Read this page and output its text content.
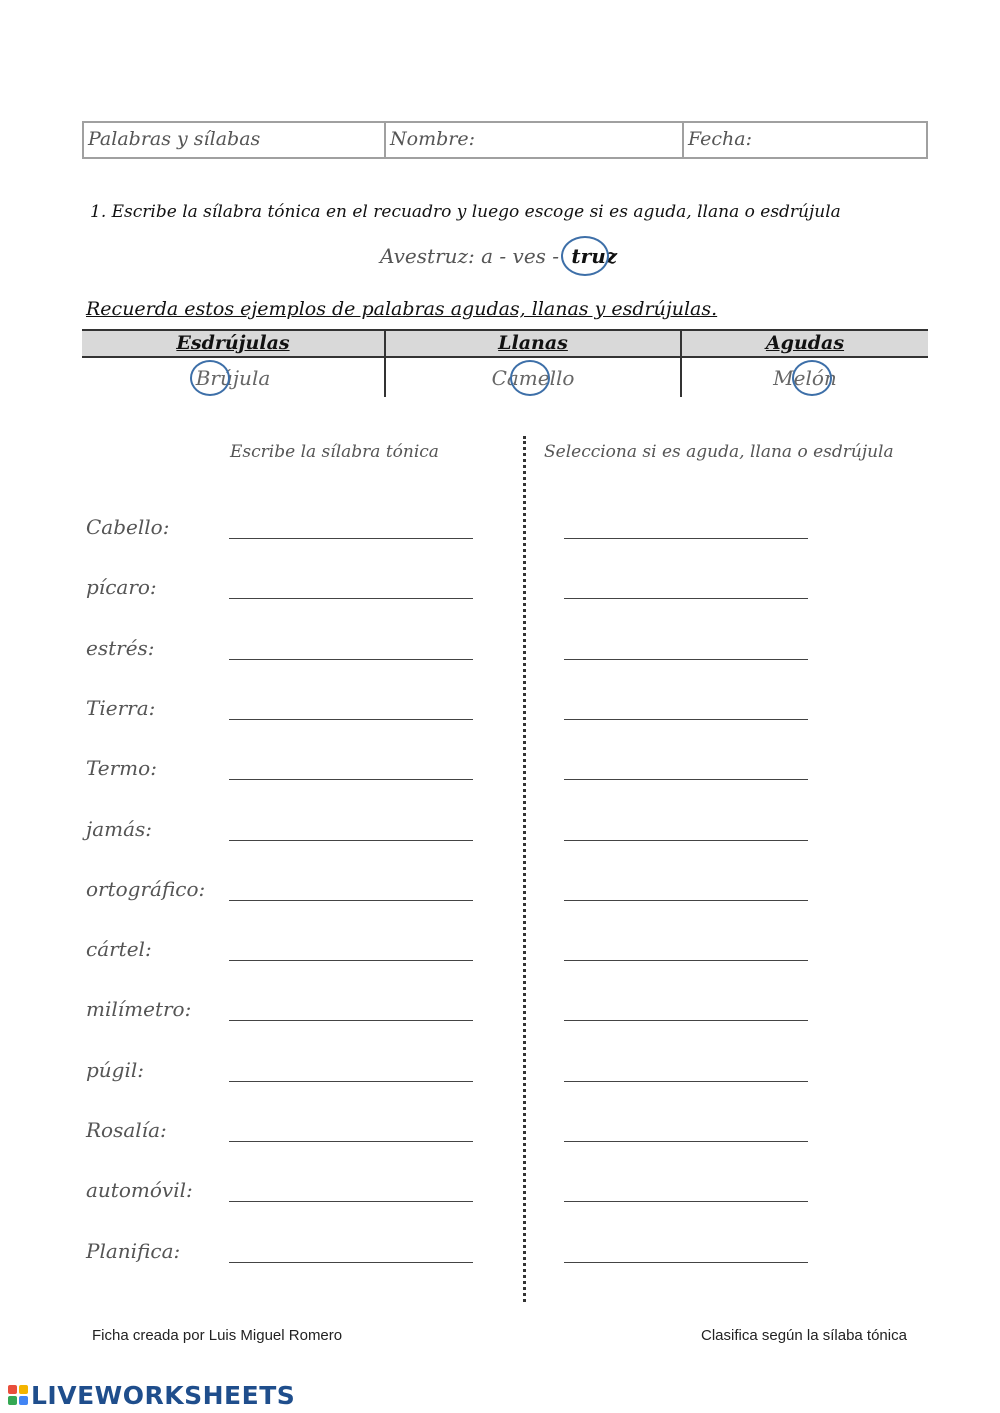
Palabras y sílabas	Nombre:	Fecha:
1. Escribe la sílabra tónica en el recuadro y luego escoge si es aguda, llana o esdrújula
Avestruz: a - ves -
truz
Recuerda estos ejemplos de palabras agudas, llanas y esdrújulas.
Esdrújulas	Llanas	Agudas
Brújula	Camello	Melón
Escribe la sílabra tónica	Selecciona si es aguda, llana o esdrújula
Cabello:
pícaro:
estrés:
Tierra:
Termo:
jamás:
ortográfico:
cártel:
milímetro:
púgil:
Rosalía:
automóvil:
Planifica:
Ficha creada por Luis Miguel Romero	Clasifica según la sílaba tónica
LIVEWORKSHEETS
